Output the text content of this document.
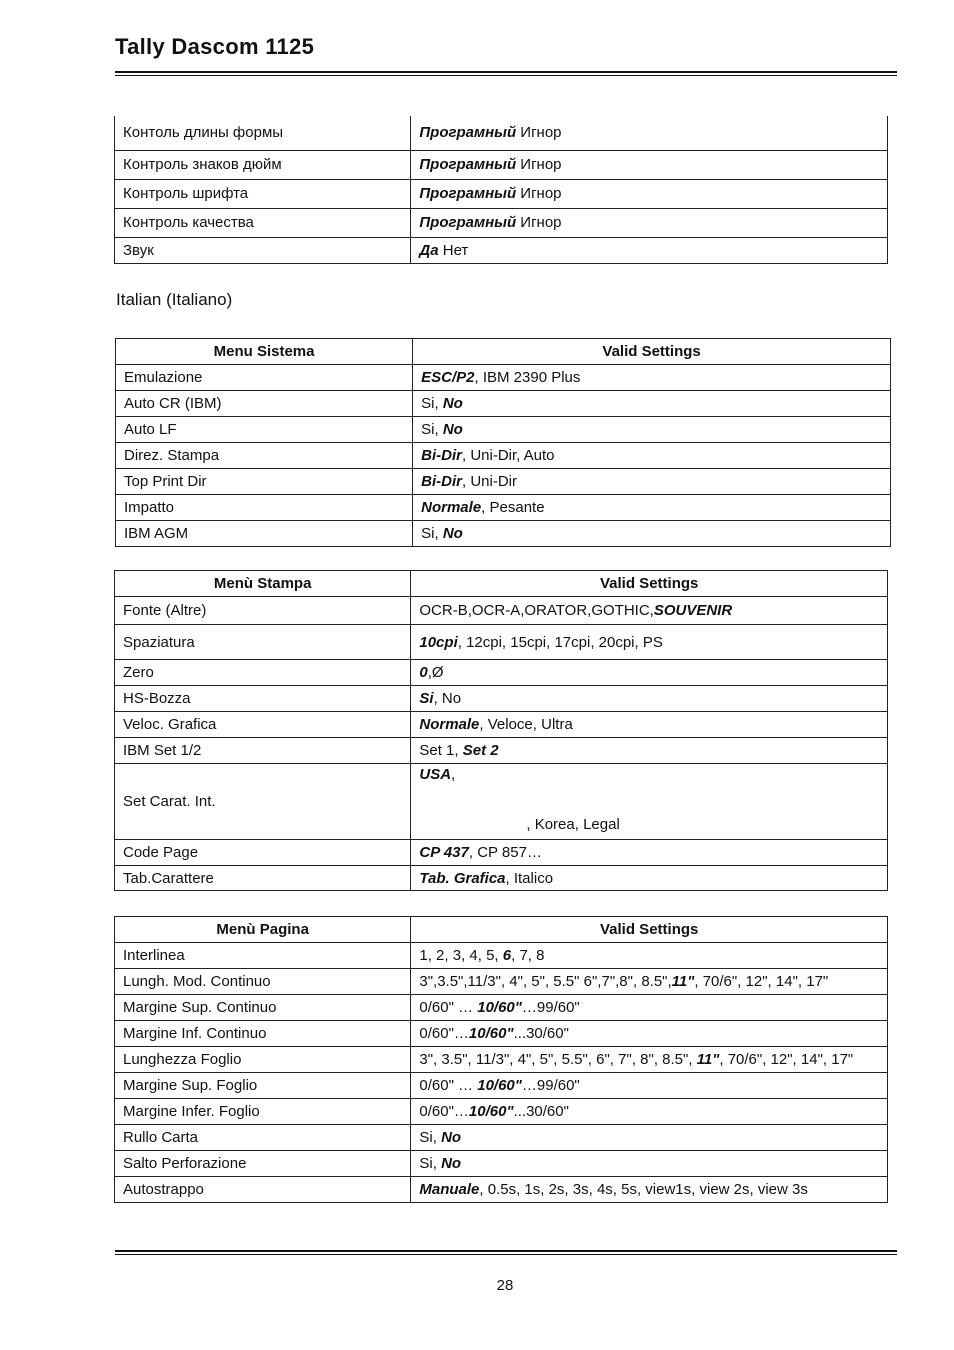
Tally Dascom 1125
Контоль длины формы	Програмный Игнор
Контроль знаков дюйм	Програмный Игнор
Контроль шрифта	Програмный Игнор
Контроль качества	Програмный Игнор
Звук	Да Нет
Italian (Italiano)
Menu Sistema	Valid Settings
Emulazione	ESC/P2, IBM 2390 Plus
Auto CR (IBM)	Si, No
Auto LF	Si, No
Direz. Stampa	Bi-Dir, Uni-Dir, Auto
Top Print Dir	Bi-Dir, Uni-Dir
Impatto	Normale, Pesante
IBM AGM	Si, No
Menù Stampa	Valid Settings
Fonte (Altre)	OCR-B,OCR-A,ORATOR,GOTHIC,SOUVENIR
Spaziatura	10cpi, 12cpi, 15cpi, 17cpi, 20cpi, PS
Zero	0,Ø
HS-Bozza	Si, No
Veloc. Grafica	Normale, Veloce, Ultra
IBM Set 1/2	Set 1, Set 2
Set Carat. Int.	USA,
, Korea, Legal

Code Page	CP 437, CP 857…
Tab.Carattere	Tab. Grafica, Italico
Menù Pagina	Valid Settings
Interlinea	1, 2, 3, 4, 5, 6, 7, 8
Lungh. Mod. Continuo	3",3.5",11/3", 4", 5", 5.5" 6",7",8", 8.5",11", 70/6", 12", 14", 17"
Margine Sup. Continuo	0/60" … 10/60"…99/60"
Margine Inf. Continuo	0/60"…10/60"...30/60"
Lunghezza Foglio	3", 3.5", 11/3", 4", 5", 5.5", 6", 7", 8", 8.5", 11", 70/6", 12", 14", 17"
Margine Sup. Foglio	0/60" … 10/60"…99/60"
Margine Infer. Foglio	0/60"…10/60"...30/60"
Rullo Carta	Si, No
Salto Perforazione	Si, No
Autostrappo	Manuale, 0.5s, 1s, 2s, 3s, 4s, 5s, view1s, view 2s, view 3s
28
